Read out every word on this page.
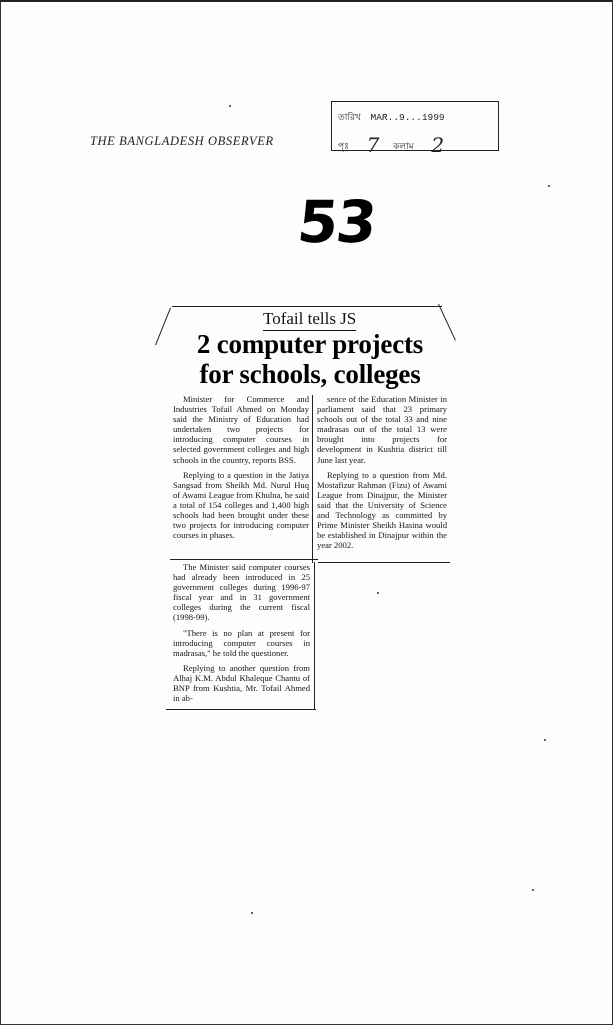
THE BANGLADESH OBSERVER
তারিখ MAR..9...1999
পৃঃ 7 কলাম 2
53
Tofail tells JS
2 computer projects
for schools, colleges

Minister for Commerce and Industries Tofail Ahmed on Monday said the Ministry of Education had undertaken two projects for introducing computer courses in selected government colleges and high schools in the country, reports BSS.

Replying to a question in the Jatiya Sangsad from Sheikh Md. Nurul Huq of Awami League from Khulna, he said a total of 154 colleges and 1,400 high schools had been brought under these two projects for introducing computer courses in phases.

The Minister said computer courses had already been introduced in 25 government colleges during 1996-97 fiscal year and in 31 government colleges during the current fiscal (1998-99).

"There is no plan at present for introducing computer courses in madrasas," he told the questioner.

Replying to another question from Alhaj K.M. Abdul Khaleque Chantu of BNP from Kushtia, Mr. Tofail Ahmed in ab-

sence of the Education Minister in parliament said that 23 primary schools out of the total 33 and nine madrasas out of the total 13 were brought into projects for development in Kushtia district till June last year.

Replying to a question from Md. Mostafizur Rahman (Fizu) of Awami League from Dinajpur, the Minister said that the University of Science and Technology as committed by Prime Minister Sheikh Hasina would be established in Dinajpur within the year 2002.
